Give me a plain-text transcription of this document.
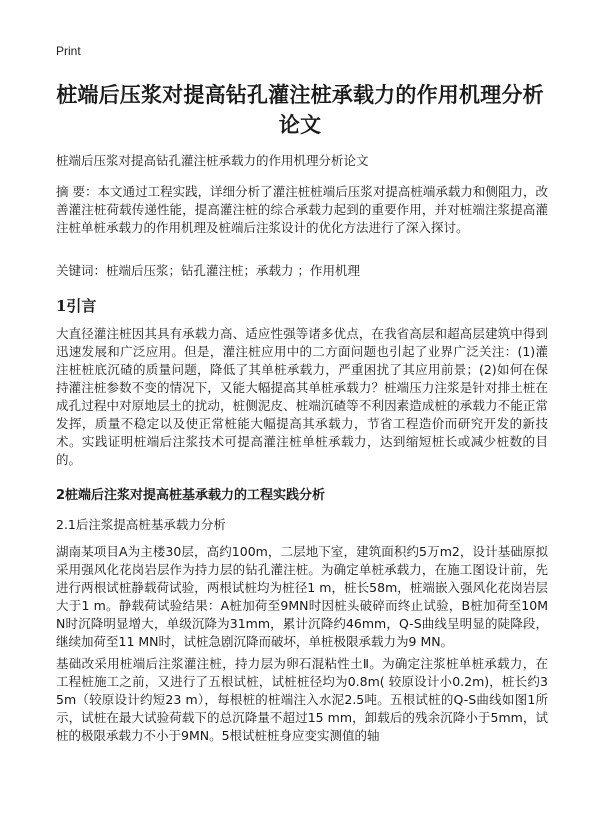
Print
桩端后压浆对提高钻孔灌注桩承载力的作用机理分析论文
桩端后压浆对提高钻孔灌注桩承载力的作用机理分析论文
摘 要：本文通过工程实践，详细分析了灌注桩桩端后压浆对提高桩端承载力和侧阻力，改善灌注桩荷载传递性能，提高灌注桩的综合承载力起到的重要作用，并对桩端注浆提高灌注桩单桩承载力的作用机理及桩端后注浆设计的优化方法进行了深入探讨。
关键词：桩端后压浆；钻孔灌注桩；承载力 ；作用机理
1引言
大直径灌注桩因其具有承载力高、适应性强等诸多优点，在我省高层和超高层建筑中得到迅速发展和广泛应用。但是，灌注桩应用中的二方面问题也引起了业界广泛关注：(1)灌注桩桩底沉碴的质量问题，降低了其单桩承载力，严重困扰了其应用前景；(2)如何在保持灌注桩参数不变的情况下，又能大幅提高其单桩承载力？桩端压力注浆是针对排土桩在成孔过程中对原地层土的扰动，桩侧泥皮、桩端沉碴等不利因素造成桩的承载力不能正常发挥，质量不稳定以及使正常桩能大幅提高其承载力，节省工程造价而研究开发的新技术。实践证明桩端后注浆技术可提高灌注桩单桩承载力，达到缩短桩长或减少桩数的目的。
2桩端后注浆对提高桩基承载力的工程实践分析
2.1后注浆提高桩基承载力分析
湖南某项目A为主楼30层，高约100m，二层地下室，建筑面积约5万m2，设计基础原拟采用强风化花岗岩层作为持力层的钻孔灌注桩。为确定单桩承载力，在施工图设计前，先进行两根试桩静载荷试验，两根试桩均为桩径1 m，桩长58m，桩端嵌入强风化花岗岩层大于1 m。静载荷试验结果：A桩加荷至9MN时因桩头破碎而终止试验，B桩加荷至10MN时沉降明显增大，单级沉降为31mm，累计沉降约46mm，Q-S曲线呈明显的陡降段，继续加荷至11 MN时，试桩急剧沉降而破坏，单桩极限承载力为9 MN。
基础改采用桩端后注浆灌注桩，持力层为卵石混粘性土Ⅱ。为确定注浆桩单桩承载力，在工程桩施工之前，又进行了五根试桩，试桩桩径均为0.8m( 较原设计小0.2m)，桩长约35m（较原设计约短23 m），每根桩的桩端注入水泥2.5吨。五根试桩的Q-S曲线如图1所示，试桩在最大试验荷载下的总沉降量不超过15 mm，卸载后的残余沉降小于5mm，试桩的极限承载力不小于9MN。5根试桩桩身应变实测值的轴
